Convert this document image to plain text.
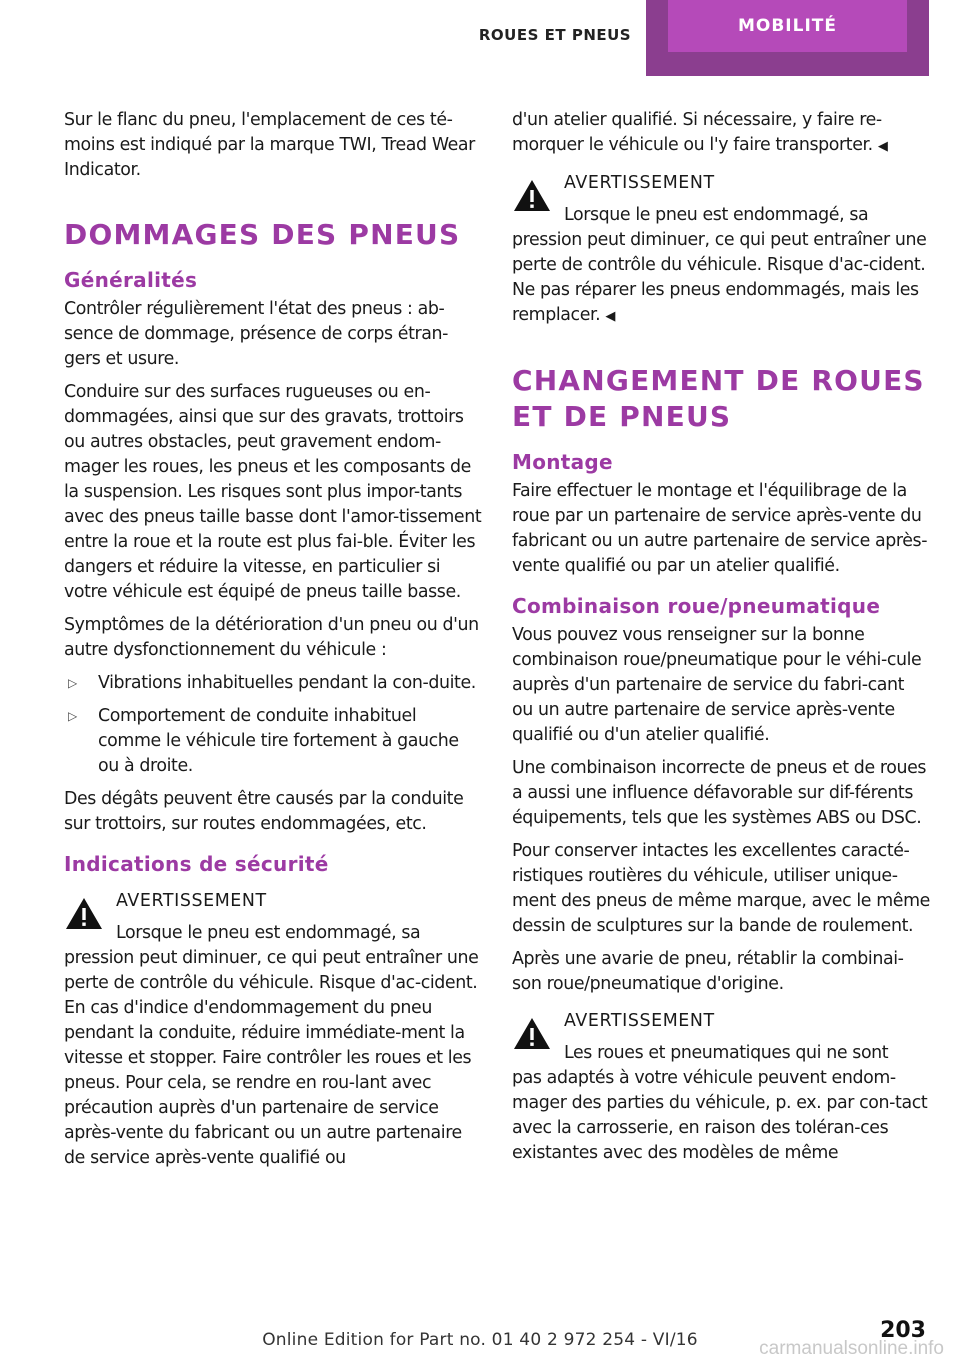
ROUES ET PNEUS	MOBILITÉ

Sur le flanc du pneu, l'emplacement de ces té-moins est indiqué par la marque TWI, Tread Wear Indicator.

DOMMAGES DES PNEUS
Généralités

Contrôler régulièrement l'état des pneus : ab-sence de dommage, présence de corps étran-gers et usure.

Conduire sur des surfaces rugueuses ou en-dommagées, ainsi que sur des gravats, trottoirs ou autres obstacles, peut gravement endom-mager les roues, les pneus et les composants de la suspension. Les risques sont plus impor-tants avec des pneus taille basse dont l'amor-tissement entre la roue et la route est plus fai-ble. Éviter les dangers et réduire la vitesse, en particulier si votre véhicule est équipé de pneus taille basse.

Symptômes de la détérioration d'un pneu ou d'un autre dysfonctionnement du véhicule :

▷ Vibrations inhabituelles pendant la con-duite.
▷ Comportement de conduite inhabituel comme le véhicule tire fortement à gauche ou à droite.

Des dégâts peuvent être causés par la conduite sur trottoirs, sur routes endommagées, etc.

Indications de sécurité
AVERTISSEMENT
Lorsque le pneu est endommagé, sa
pression peut diminuer, ce qui peut entraîner une perte de contrôle du véhicule. Risque d'ac-cident. En cas d'indice d'endommagement du pneu pendant la conduite, réduire immédiate-ment la vitesse et stopper. Faire contrôler les roues et les pneus. Pour cela, se rendre en rou-lant avec précaution auprès d'un partenaire de service après-vente du fabricant ou un autre partenaire de service après-vente qualifié ou

d'un atelier qualifié. Si nécessaire, y faire re-morquer le véhicule ou l'y faire transporter. ◀

AVERTISSEMENT
Lorsque le pneu est endommagé, sa
pression peut diminuer, ce qui peut entraîner une perte de contrôle du véhicule. Risque d'ac-cident. Ne pas réparer les pneus endommagés, mais les remplacer. ◀
CHANGEMENT DE ROUES ET DE PNEUS
Montage

Faire effectuer le montage et l'équilibrage de la roue par un partenaire de service après-vente du fabricant ou un autre partenaire de service après-vente qualifié ou par un atelier qualifié.

Combinaison roue/pneumatique

Vous pouvez vous renseigner sur la bonne combinaison roue/pneumatique pour le véhi-cule auprès d'un partenaire de service du fabri-cant ou un autre partenaire de service après-vente qualifié ou d'un atelier qualifié.

Une combinaison incorrecte de pneus et de roues a aussi une influence défavorable sur dif-férents équipements, tels que les systèmes ABS ou DSC.

Pour conserver intactes les excellentes caracté-ristiques routières du véhicule, utiliser unique-ment des pneus de même marque, avec le même dessin de sculptures sur la bande de roulement.

Après une avarie de pneu, rétablir la combinai-son roue/pneumatique d'origine.

AVERTISSEMENT
Les roues et pneumatiques qui ne sont
pas adaptés à votre véhicule peuvent endom-mager des parties du véhicule, p. ex. par con-tact avec la carrosserie, en raison des toléran-ces existantes avec des modèles de même
Online Edition for Part no. 01 40 2 972 254 - VI/16	203
carmanualsonline.info
